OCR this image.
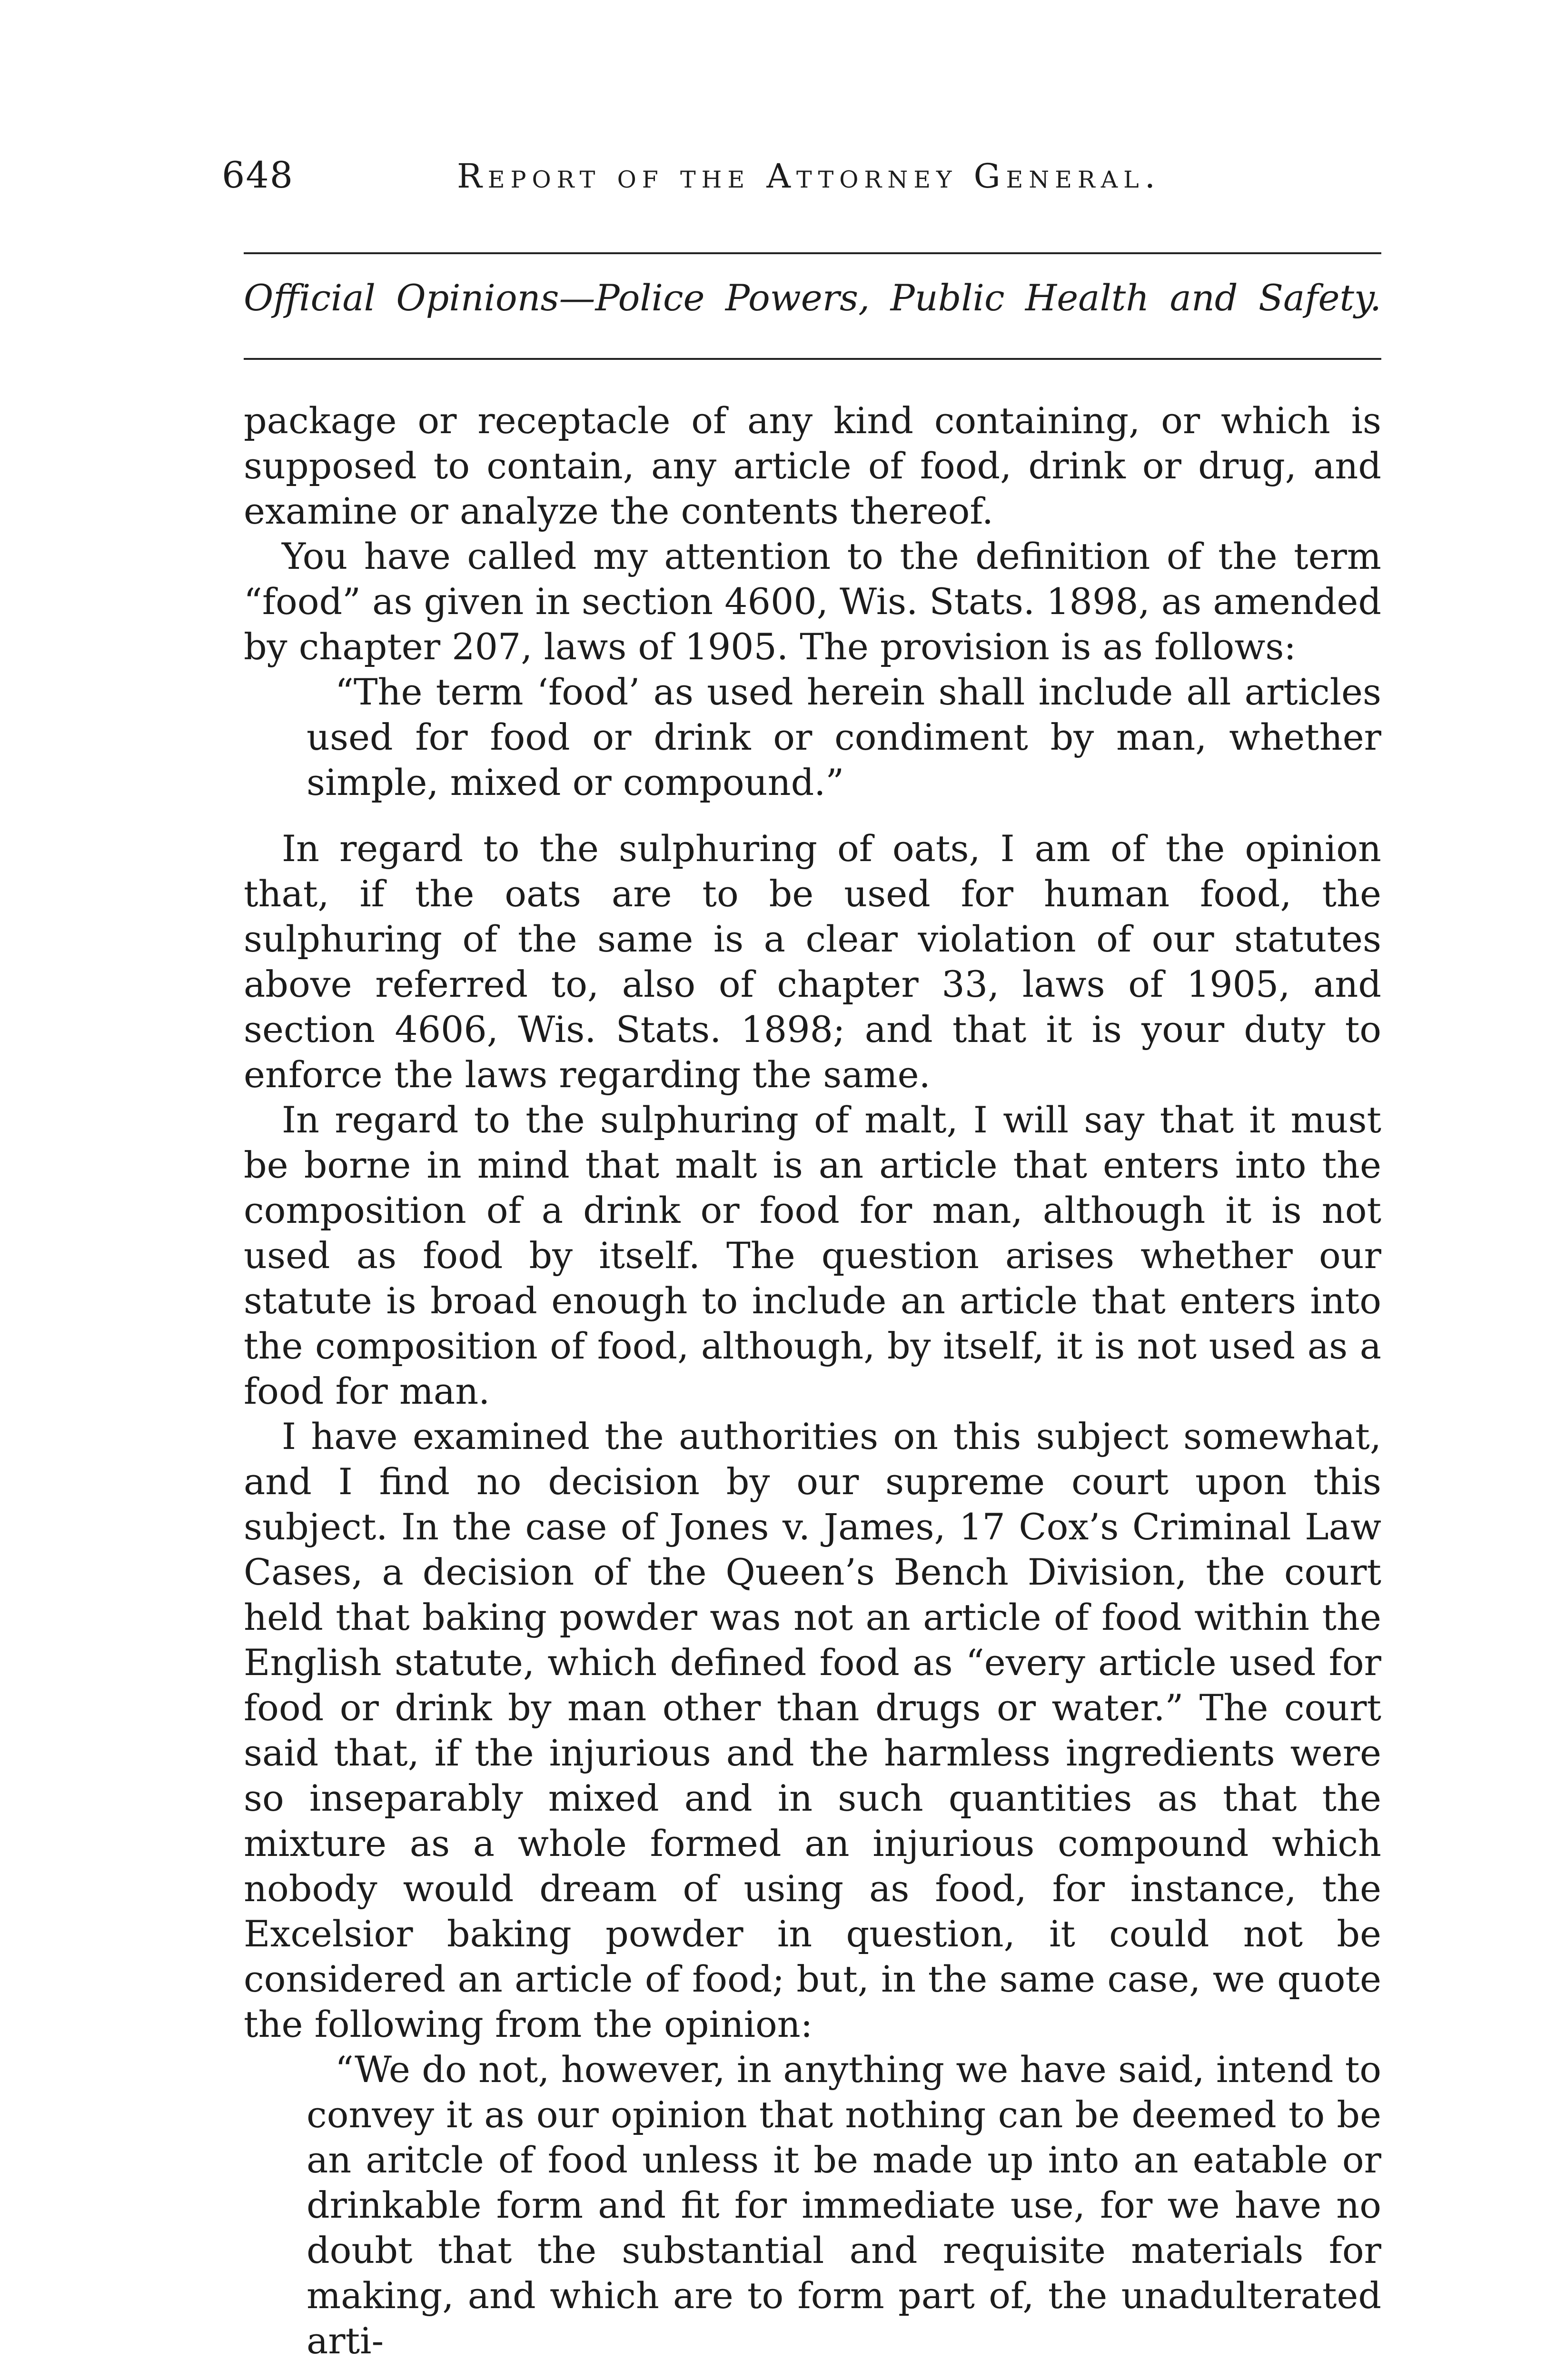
648	Report of the Attorney General.
Official Opinions—Police Powers, Public Health and Safety.

package or receptacle of any kind containing, or which is supposed to contain, any article of food, drink or drug, and examine or analyze the contents thereof.

You have called my attention to the definition of the term “food” as given in section 4600, Wis. Stats. 1898, as amended by chapter 207, laws of 1905. The provision is as follows:

“The term ‘food’ as used herein shall include all articles used for food or drink or condiment by man, whether simple, mixed or compound.”

In regard to the sulphuring of oats, I am of the opinion that, if the oats are to be used for human food, the sulphuring of the same is a clear violation of our statutes above referred to, also of chapter 33, laws of 1905, and section 4606, Wis. Stats. 1898; and that it is your duty to enforce the laws regarding the same.

In regard to the sulphuring of malt, I will say that it must be borne in mind that malt is an article that enters into the composition of a drink or food for man, although it is not used as food by itself. The question arises whether our statute is broad enough to include an article that enters into the composition of food, although, by itself, it is not used as a food for man.

I have examined the authorities on this subject somewhat, and I find no decision by our supreme court upon this subject. In the case of Jones v. James, 17 Cox’s Criminal Law Cases, a decision of the Queen’s Bench Division, the court held that baking powder was not an article of food within the English statute, which defined food as “every article used for food or drink by man other than drugs or water.” The court said that, if the injurious and the harmless ingredients were so inseparably mixed and in such quantities as that the mixture as a whole formed an injurious compound which nobody would dream of using as food, for instance, the Excelsior baking powder in question, it could not be considered an article of food; but, in the same case, we quote the following from the opinion:

“We do not, however, in anything we have said, intend to convey it as our opinion that nothing can be deemed to be an aritcle of food unless it be made up into an eatable or drinkable form and fit for immediate use, for we have no doubt that the substantial and requisite materials for making, and which are to form part of, the unadulterated arti-
